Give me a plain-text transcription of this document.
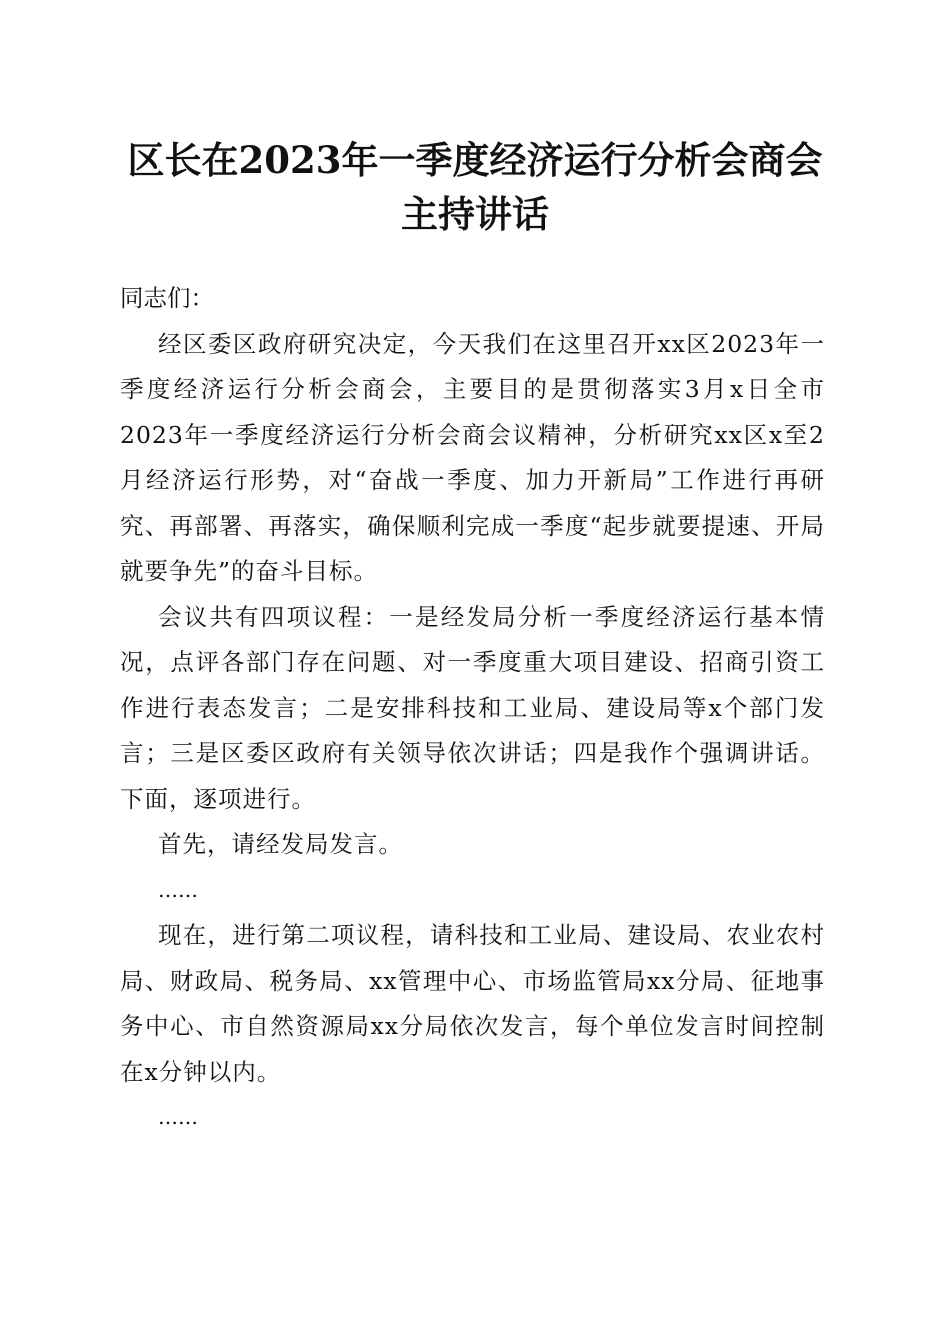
区长在2023年一季度经济运行分析会商会主持讲话

同志们：

经区委区政府研究决定，今天我们在这里召开xx区2023年一季度经济运行分析会商会，主要目的是贯彻落实3月x日全市2023年一季度经济运行分析会商会议精神，分析研究xx区x至2月经济运行形势，对“奋战一季度、加力开新局”工作进行再研究、再部署、再落实，确保顺利完成一季度“起步就要提速、开局就要争先”的奋斗目标。

会议共有四项议程：一是经发局分析一季度经济运行基本情况，点评各部门存在问题、对一季度重大项目建设、招商引资工作进行表态发言；二是安排科技和工业局、建设局等x个部门发言；三是区委区政府有关领导依次讲话；四是我作个强调讲话。下面，逐项进行。

首先，请经发局发言。

……

现在，进行第二项议程，请科技和工业局、建设局、农业农村局、财政局、税务局、xx管理中心、市场监管局xx分局、征地事务中心、市自然资源局xx分局依次发言，每个单位发言时间控制在x分钟以内。

……
